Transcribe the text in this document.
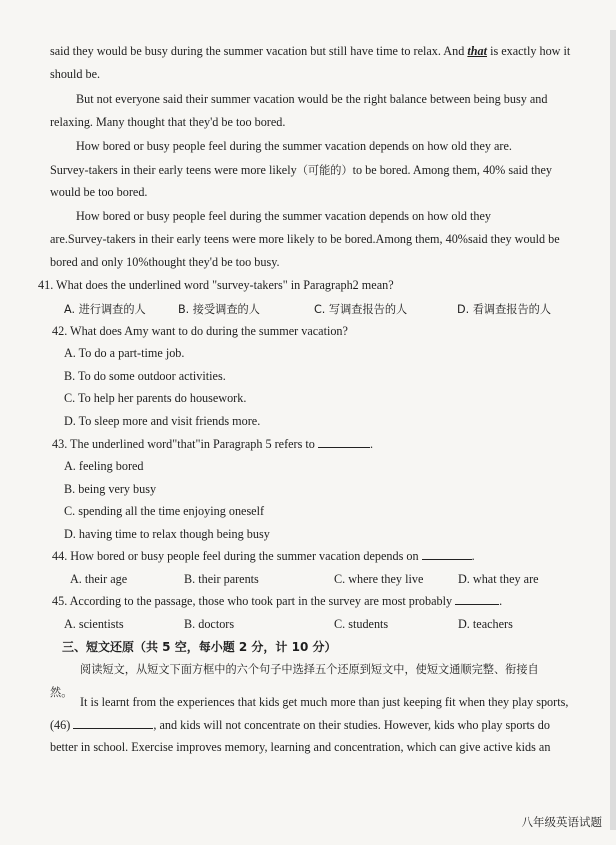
said they would be busy during the summer vacation but still have time to relax. And that is exactly how it
should be.
But not everyone said their summer vacation would be the right balance between being busy and
relaxing. Many thought that they'd be too bored.
How bored or busy people feel during the summer vacation depends on how old they are.
Survey-takers in their early teens were more likely（可能的）to be bored. Among them, 40% said they
would be too bored.
How bored or busy people feel during the summer vacation depends on how old they
are.Survey-takers in their early teens were more likely to be bored.Among them, 40%said they would be
bored and only 10%thought they'd be too busy.
41. What does the underlined word "survey-takers" in Paragraph2 mean?
A. 进行调查的人	B. 接受调查的人	C. 写调查报告的人	D. 看调查报告的人
42. What does Amy want to do during the summer vacation?
A. To do a part-time job.
B. To do some outdoor activities.
C. To help her parents do housework.
D. To sleep more and visit friends more.
43. The underlined word"that"in Paragraph 5 refers to	.
A. feeling bored
B. being very busy
C. spending all the time enjoying oneself
D. having time to relax though being busy
44. How bored or busy people feel during the summer vacation depends on	.
A. their age	B. their parents	C. where they live	D. what they are
45. According to the passage, those who took part in the survey are most probably	.
A. scientists	B. doctors	C. students	D. teachers
三、短文还原（共 5 空，每小题 2 分，计 10 分）
阅读短文，从短文下面方框中的六个句子中选择五个还原到短文中，使短文通顺完整、衔接自
然。
It is learnt from the experiences that kids get much more than just keeping fit when they play sports,
(46)	, and kids will not concentrate on their studies. However, kids who play sports do
better in school. Exercise improves memory, learning and concentration, which can give active kids an
八年级英语试题
